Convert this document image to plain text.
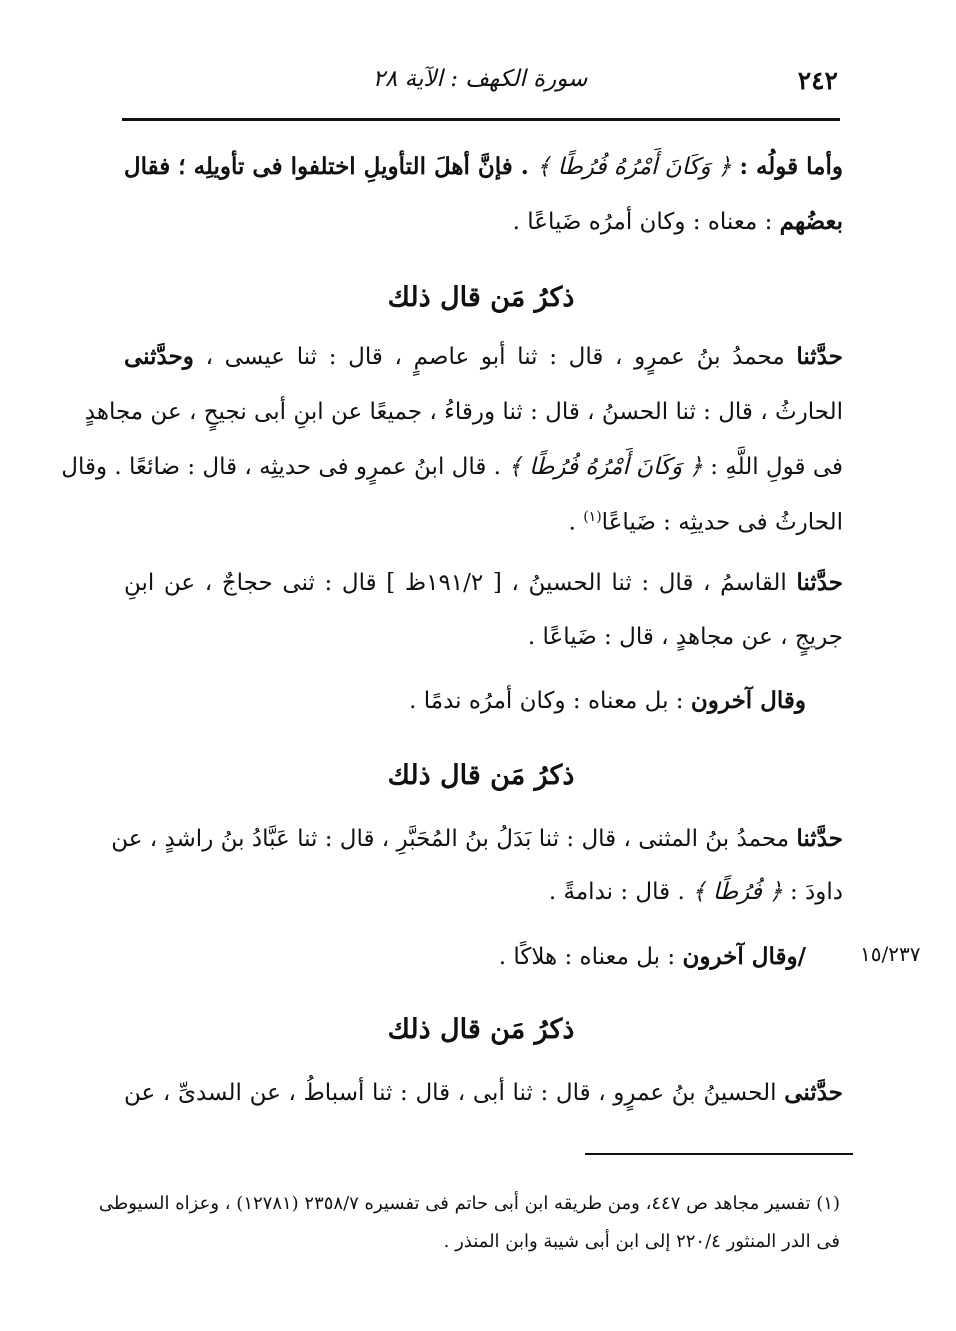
٢٤٢
سورة الكهف : الآية ٢٨
وأما قولُه : ﴿ وَكَانَ أَمْرُهُ فُرُطًا ﴾ . فإنَّ أهلَ التأويلِ اختلفوا فى تأويلِه ؛ فقال
بعضُهم : معناه : وكان أمرُه ضَياعًا .
ذكرُ مَن قال ذلك
حدَّثنا محمدُ بنُ عمرٍو ، قال : ثنا أبو عاصمٍ ، قال : ثنا عيسى ، وحدَّثنى
الحارثُ ، قال : ثنا الحسنُ ، قال : ثنا ورقاءُ ، جميعًا عن ابنِ أبى نجيحٍ ، عن مجاهدٍ
فى قولِ اللَّهِ : ﴿ وَكَانَ أَمْرُهُ فُرُطًا ﴾ . قال ابنُ عمرٍو فى حديثِه ، قال : ضائعًا . وقال
الحارثُ فى حديثِه : ضَياعًا$^{(١)}$ .
حدَّثنا القاسمُ ، قال : ثنا الحسينُ ، [ ١٩١/٢ظ ] قال : ثنى حجاجٌ ، عن ابنِ
جريجٍ ، عن مجاهدٍ ، قال : ضَياعًا .
وقال آخرون : بل معناه : وكان أمرُه ندمًا .
ذكرُ مَن قال ذلك
حدَّثنا محمدُ بنُ المثنى ، قال : ثنا بَدَلُ بنُ المُحَبَّرِ ، قال : ثنا عَبَّادُ بنُ راشدٍ ، عن
داودَ : ﴿ فُرُطًا ﴾ . قال : ندامةً .
١٥/٢٣٧
/وقال آخرون : بل معناه : هلاكًا .
ذكرُ مَن قال ذلك
حدَّثنى الحسينُ بنُ عمرٍو ، قال : ثنا أبى ، قال : ثنا أسباطُ ، عن السدىِّ ، عن
(١) تفسير مجاهد ص ٤٤٧، ومن طريقه ابن أبى حاتم فى تفسيره ٢٣٥٨/٧ (١٢٧٨١) ، وعزاه السيوطى
فى الدر المنثور ٢٢٠/٤ إلى ابن أبى شيبة وابن المنذر .
